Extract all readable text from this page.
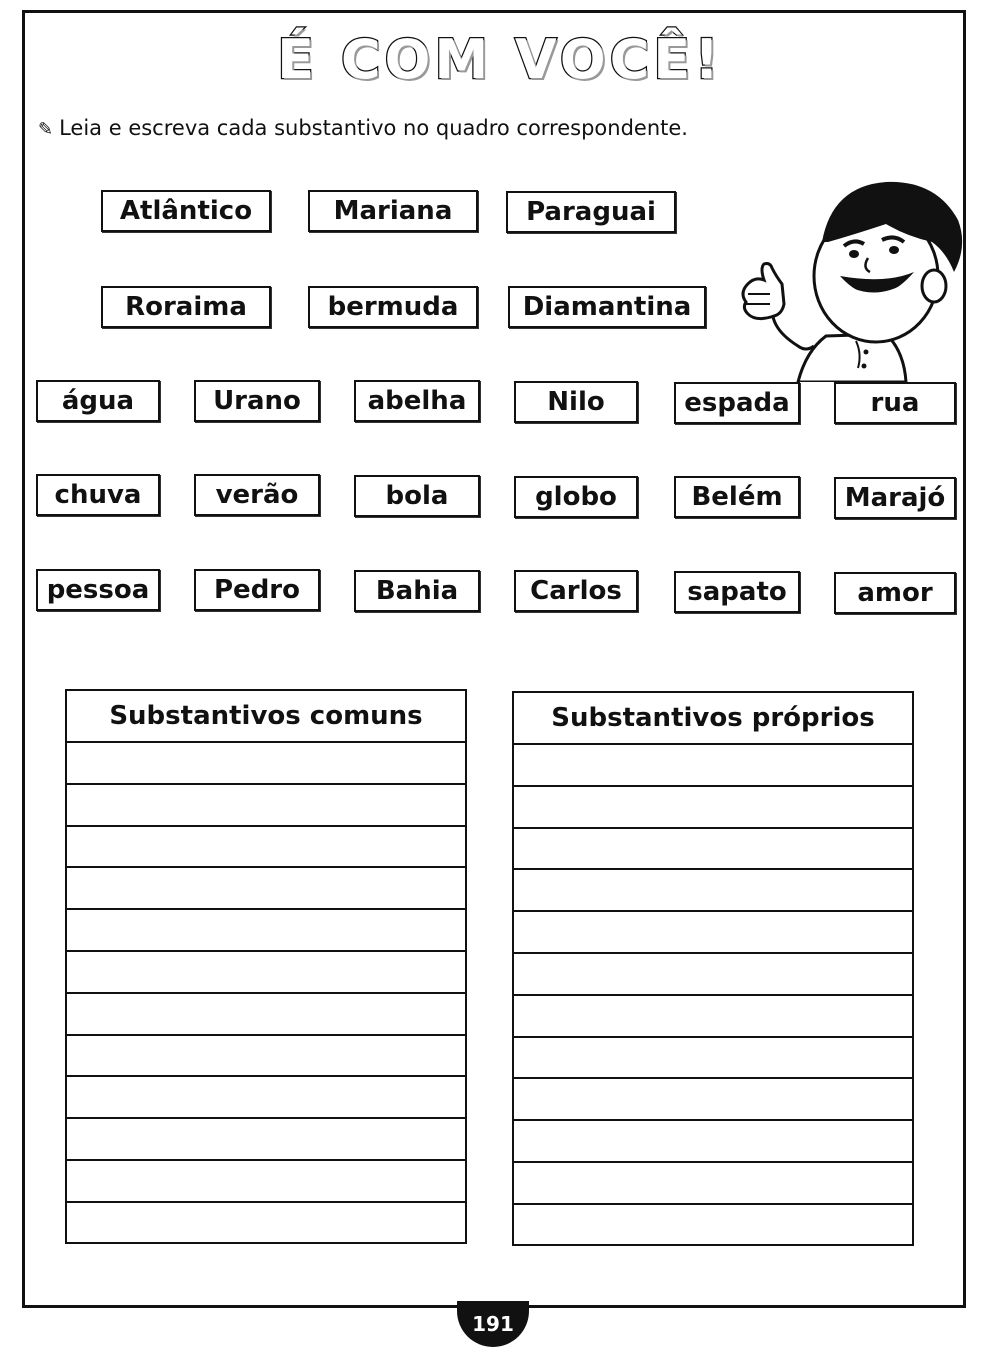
É COM VOCÊ!
✎ Leia e escreva cada substantivo no quadro correspondente.
Atlântico	Mariana	Paraguai
Roraima	bermuda	Diamantina
água	Urano	abelha	Nilo	espada	rua
chuva	verão	bola	globo	Belém	Marajó
pessoa	Pedro	Bahia	Carlos	sapato	amor
Substantivos comuns	Substantivos próprios
191
